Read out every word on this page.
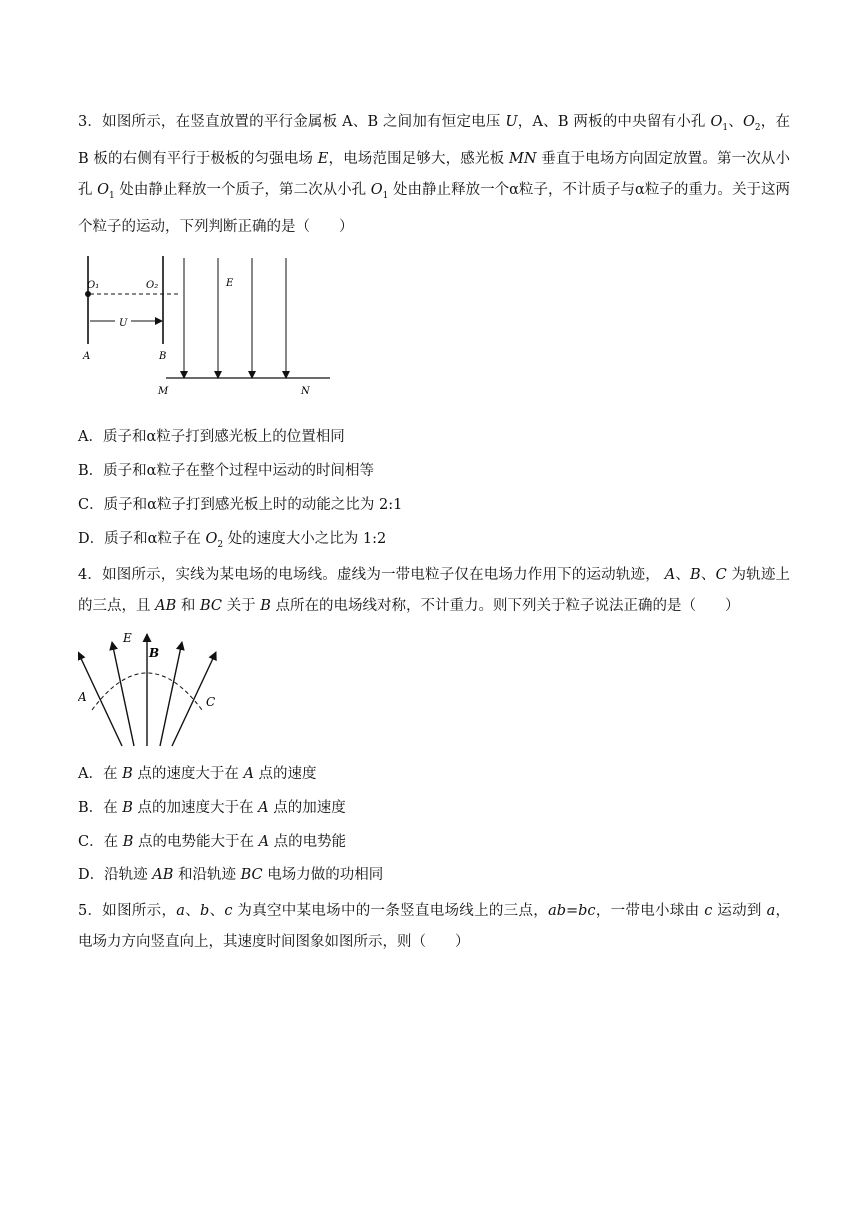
3．如图所示，在竖直放置的平行金属板 A、B 之间加有恒定电压 U，A、B 两板的中央留有小孔 $O_1$、$O_2$，在 B 板的右侧有平行于极板的匀强电场 E，电场范围足够大，感光板 MN 垂直于电场方向固定放置。第一次从小孔 $O_1$ 处由静止释放一个质子，第二次从小孔 $O_1$ 处由静止释放一个α粒子，不计质子与α粒子的重力。关于这两个粒子的运动，下列判断正确的是（　　）
U
O₁	O₂
A	B
E
M	N
A．质子和α粒子打到感光板上的位置相同
B．质子和α粒子在整个过程中运动的时间相等
C．质子和α粒子打到感光板上时的动能之比为 2:1
D．质子和α粒子在 $O_2$ 处的速度大小之比为 1:2
4．如图所示，实线为某电场的电场线。虚线为一带电粒子仅在电场力作用下的运动轨迹， A、B、C 为轨迹上的三点，且 AB 和 BC 关于 B 点所在的电场线对称，不计重力。则下列关于粒子说法正确的是（　　）
E
B
A	C
A．在 B 点的速度大于在 A 点的速度
B．在 B 点的加速度大于在 A 点的加速度
C．在 B 点的电势能大于在 A 点的电势能
D．沿轨迹 AB 和沿轨迹 BC 电场力做的功相同
5．如图所示，a、b、c 为真空中某电场中的一条竖直电场线上的三点，ab=bc，一带电小球由 c 运动到 a，电场力方向竖直向上，其速度时间图象如图所示，则（　　）
